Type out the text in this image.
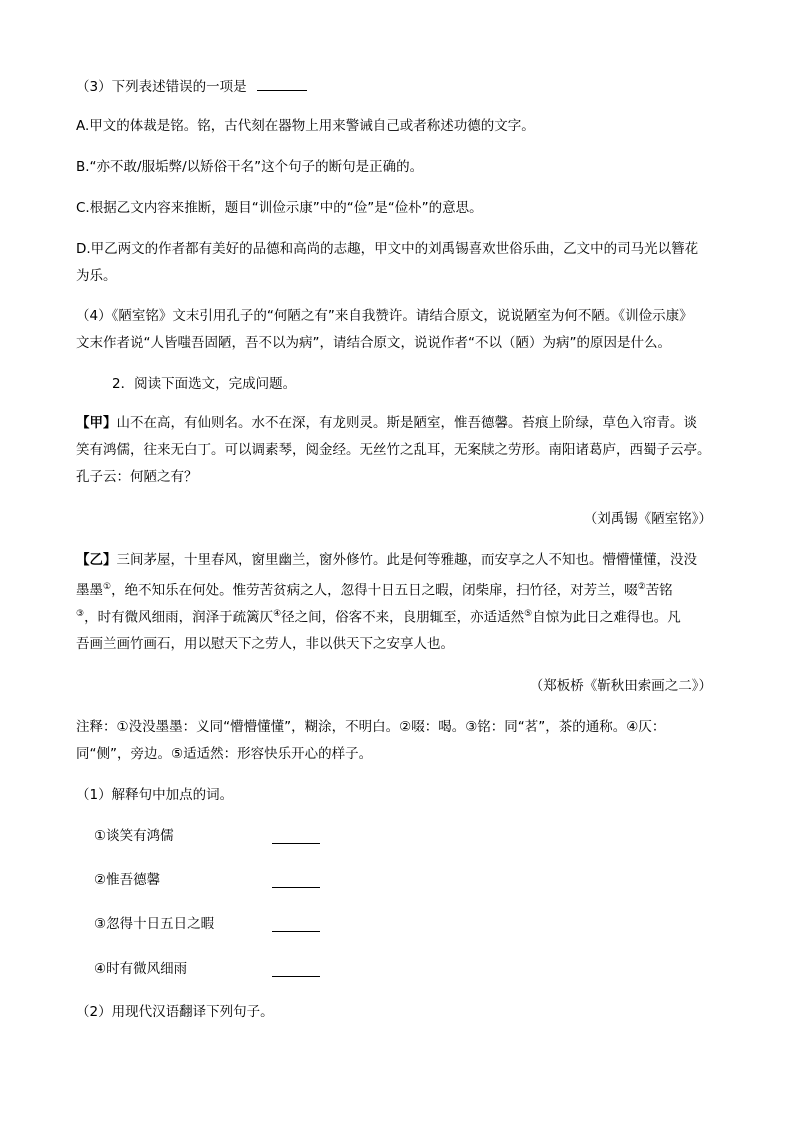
（3）下列表述错误的一项是
A.甲文的体裁是铭。铭，古代刻在器物上用来警诫自己或者称述功德的文字。
B.“亦不敢/服垢弊/以矫俗干名”这个句子的断句是正确的。
C.根据乙文内容来推断，题目“训俭示康”中的“俭”是“俭朴”的意思。
D.甲乙两文的作者都有美好的品德和高尚的志趣，甲文中的刘禹锡喜欢世俗乐曲，乙文中的司马光以簪花
为乐。
（4）《陋室铭》文末引用孔子的“何陋之有”来自我赞许。请结合原文，说说陋室为何不陋。《训俭示康》
文末作者说“人皆嗤吾固陋，吾不以为病”，请结合原文，说说作者“不以（陋）为病”的原因是什么。
2．阅读下面选文，完成问题。
【甲】山不在高，有仙则名。水不在深，有龙则灵。斯是陋室，惟吾德馨。苔痕上阶绿，草色入帘青。谈
笑有鸿儒，往来无白丁。可以调素琴，阅金经。无丝竹之乱耳，无案牍之劳形。南阳诸葛庐，西蜀子云亭。
孔子云：何陋之有？
（刘禹锡《陋室铭》）
【乙】三间茅屋，十里春风，窗里幽兰，窗外修竹。此是何等雅趣，而安享之人不知也。懵懵懂懂，没没
墨墨①，绝不知乐在何处。惟劳苦贫病之人，忽得十日五日之暇，闭柴扉，扫竹径，对芳兰，啜②苦铭
③，时有微风细雨，润泽于疏篱仄④径之间，俗客不来，良朋辄至，亦适适然⑤自惊为此日之难得也。凡
吾画兰画竹画石，用以慰天下之劳人，非以供天下之安享人也。
（郑板桥《靳秋田索画之二》）
注释：①没没墨墨：义同“懵懵懂懂”，糊涂，不明白。②啜：喝。③铭：同“茗”，茶的通称。④仄：
同“侧”，旁边。⑤适适然：形容快乐开心的样子。
（1）解释句中加点的词。
①谈笑有鸿儒
②惟吾德馨
③忽得十日五日之暇
④时有微风细雨
（2）用现代汉语翻译下列句子。
